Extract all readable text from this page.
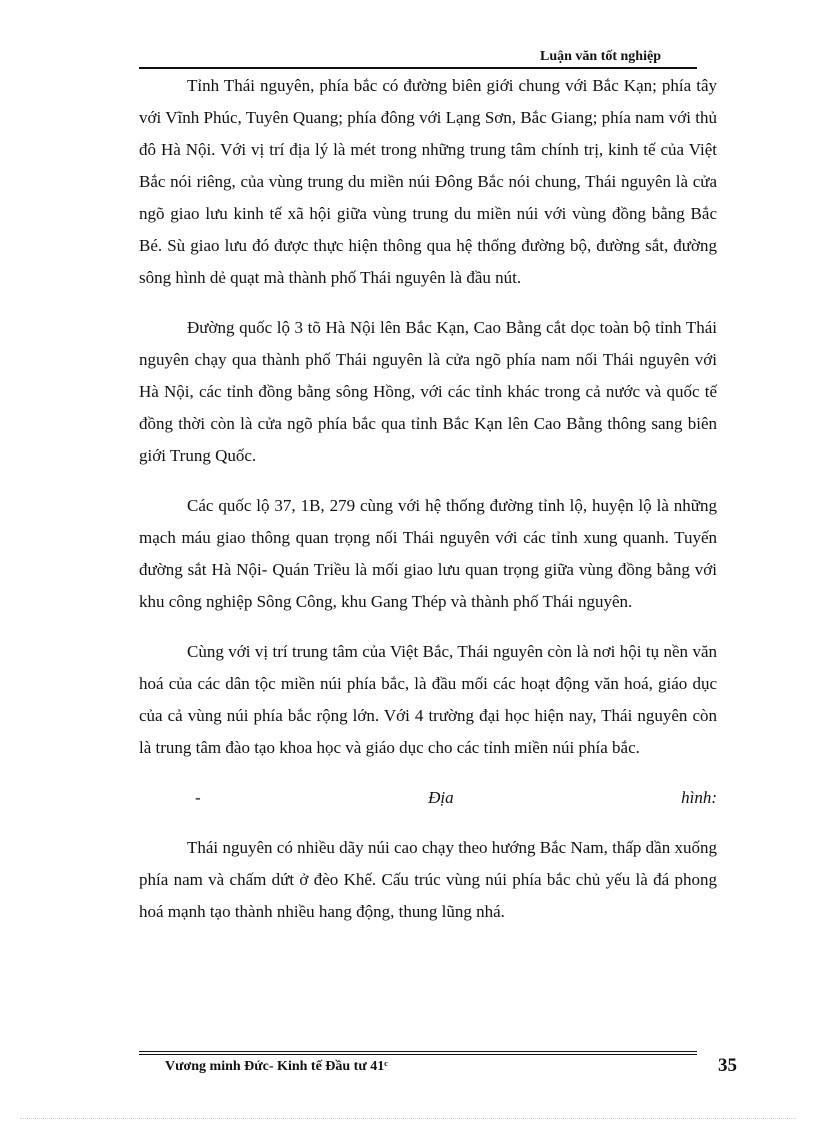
Luận văn tốt nghiệp

Tỉnh Thái nguyên, phía bắc có đường biên giới chung với Bắc Kạn; phía tây với Vĩnh Phúc, Tuyên Quang; phía đông với Lạng Sơn, Bắc Giang; phía nam với thủ đô Hà Nội. Với vị trí địa lý là mét trong những trung tâm chính trị, kinh tế của Việt Bắc nói riêng, của vùng trung du miền núi Đông Bắc nói chung, Thái nguyên là cửa ngõ giao lưu kinh tế xã hội giữa vùng trung du miền núi với vùng đồng bằng Bắc Bé. Sù giao lưu đó được thực hiện thông qua hệ thống đường bộ, đường sắt, đường sông hình dẻ quạt mà thành phố Thái nguyên là đầu nút.

Đường quốc lộ 3 tõ Hà Nội lên Bắc Kạn, Cao Bằng cắt dọc toàn bộ tỉnh Thái nguyên chạy qua thành phố Thái nguyên là cửa ngõ phía nam nối Thái nguyên với Hà Nội, các tỉnh đồng bằng sông Hồng, với các tỉnh khác trong cả nước và quốc tế đồng thời còn là cửa ngõ phía bắc qua tỉnh Bắc Kạn lên Cao Bằng thông sang biên giới Trung Quốc.

Các quốc lộ 37, 1B, 279 cùng với hệ thống đường tỉnh lộ, huyện lộ là những mạch máu giao thông quan trọng nối Thái nguyên với các tỉnh xung quanh. Tuyến đường sắt Hà Nội- Quán Triều là mối giao lưu quan trọng giữa vùng đồng bằng với khu công nghiệp Sông Công, khu Gang Thép và thành phố Thái nguyên.

Cùng với vị trí trung tâm của Việt Bắc, Thái nguyên còn là nơi hội tụ nền văn hoá của các dân tộc miền núi phía bắc, là đầu mối các hoạt động văn hoá, giáo dục của cả vùng núi phía bắc rộng lớn. Với 4 trường đại học hiện nay, Thái nguyên còn là trung tâm đào tạo khoa học và giáo dục cho các tỉnh miền núi phía bắc.

-	Địa	hình:

Thái nguyên có nhiều dãy núi cao chạy theo hướng Bắc Nam, thấp dần xuống phía nam và chấm dứt ở đèo Khế. Cấu trúc vùng núi phía bắc chủ yếu là đá phong hoá mạnh tạo thành nhiều hang động, thung lũng nhá.

Vương minh Đức- Kinh tế Đầu tư 41ᶜ	35
